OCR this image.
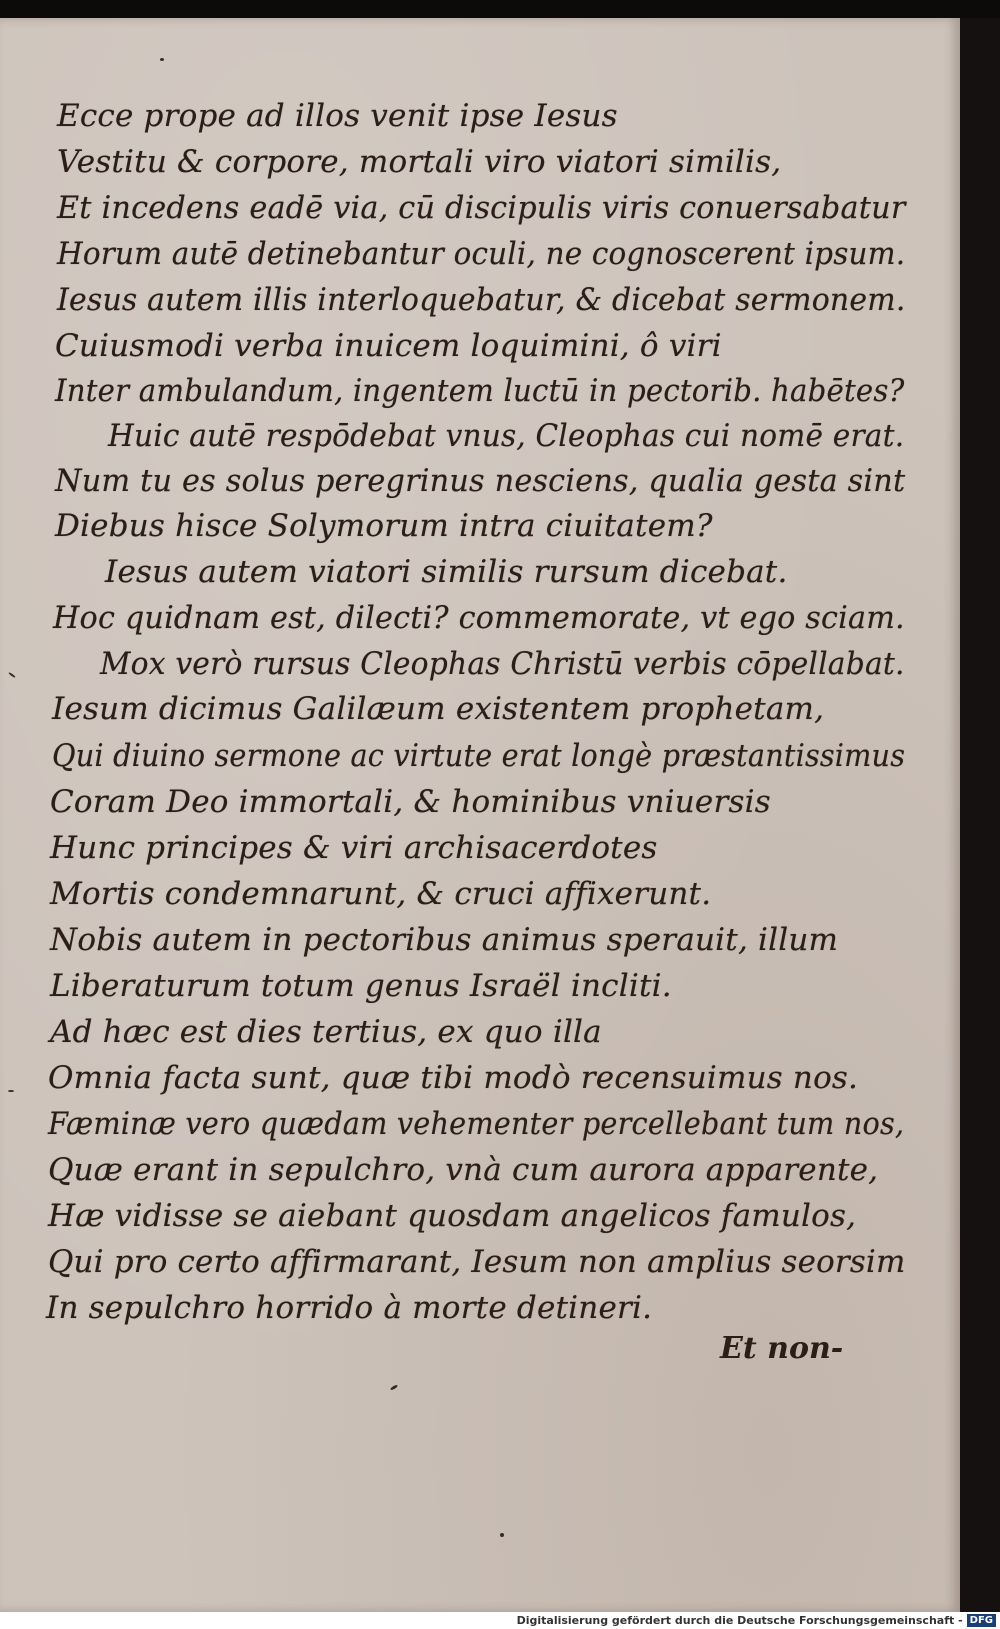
Ecce prope ad illos venit ipse Iesus

Vestitu & corpore, mortali viro viatori similis,

Et incedens eadē via, cū discipulis viris conuersabatur

Horum autē detinebantur oculi, ne cognoscerent ipsum.

Iesus autem illis interloquebatur, & dicebat sermonem.

Cuiusmodi verba inuicem loquimini, ô viri

Inter ambulandum, ingentem luctū in pectorib. habētes?

Huic autē respōdebat vnus, Cleophas cui nomē erat.

Num tu es solus peregrinus nesciens, qualia gesta sint

Diebus hisce Solymorum intra ciuitatem?

Iesus autem viatori similis rursum dicebat.

Hoc quidnam est, dilecti? commemorate, vt ego sciam.

Mox verò rursus Cleophas Christū verbis cōpellabat.

Iesum dicimus Galilæum existentem prophetam,

Qui diuino sermone ac virtute erat longè præstantissimus

Coram Deo immortali, & hominibus vniuersis

Hunc principes & viri archisacerdotes

Mortis condemnarunt, & cruci affixerunt.

Nobis autem in pectoribus animus sperauit, illum

Liberaturum totum genus Israël incliti.

Ad hæc est dies tertius, ex quo illa

Omnia facta sunt, quæ tibi modò recensuimus nos.

Fæminæ vero quædam vehementer percellebant tum nos,

Quæ erant in sepulchro, vnà cum aurora apparente,

Hæ vidisse se aiebant quosdam angelicos famulos,

Qui pro certo affirmarant, Iesum non amplius seorsim

In sepulchro horrido à morte detineri.

Et non-
Digitalisierung gefördert durch die Deutsche Forschungsgemeinschaft - DFG
